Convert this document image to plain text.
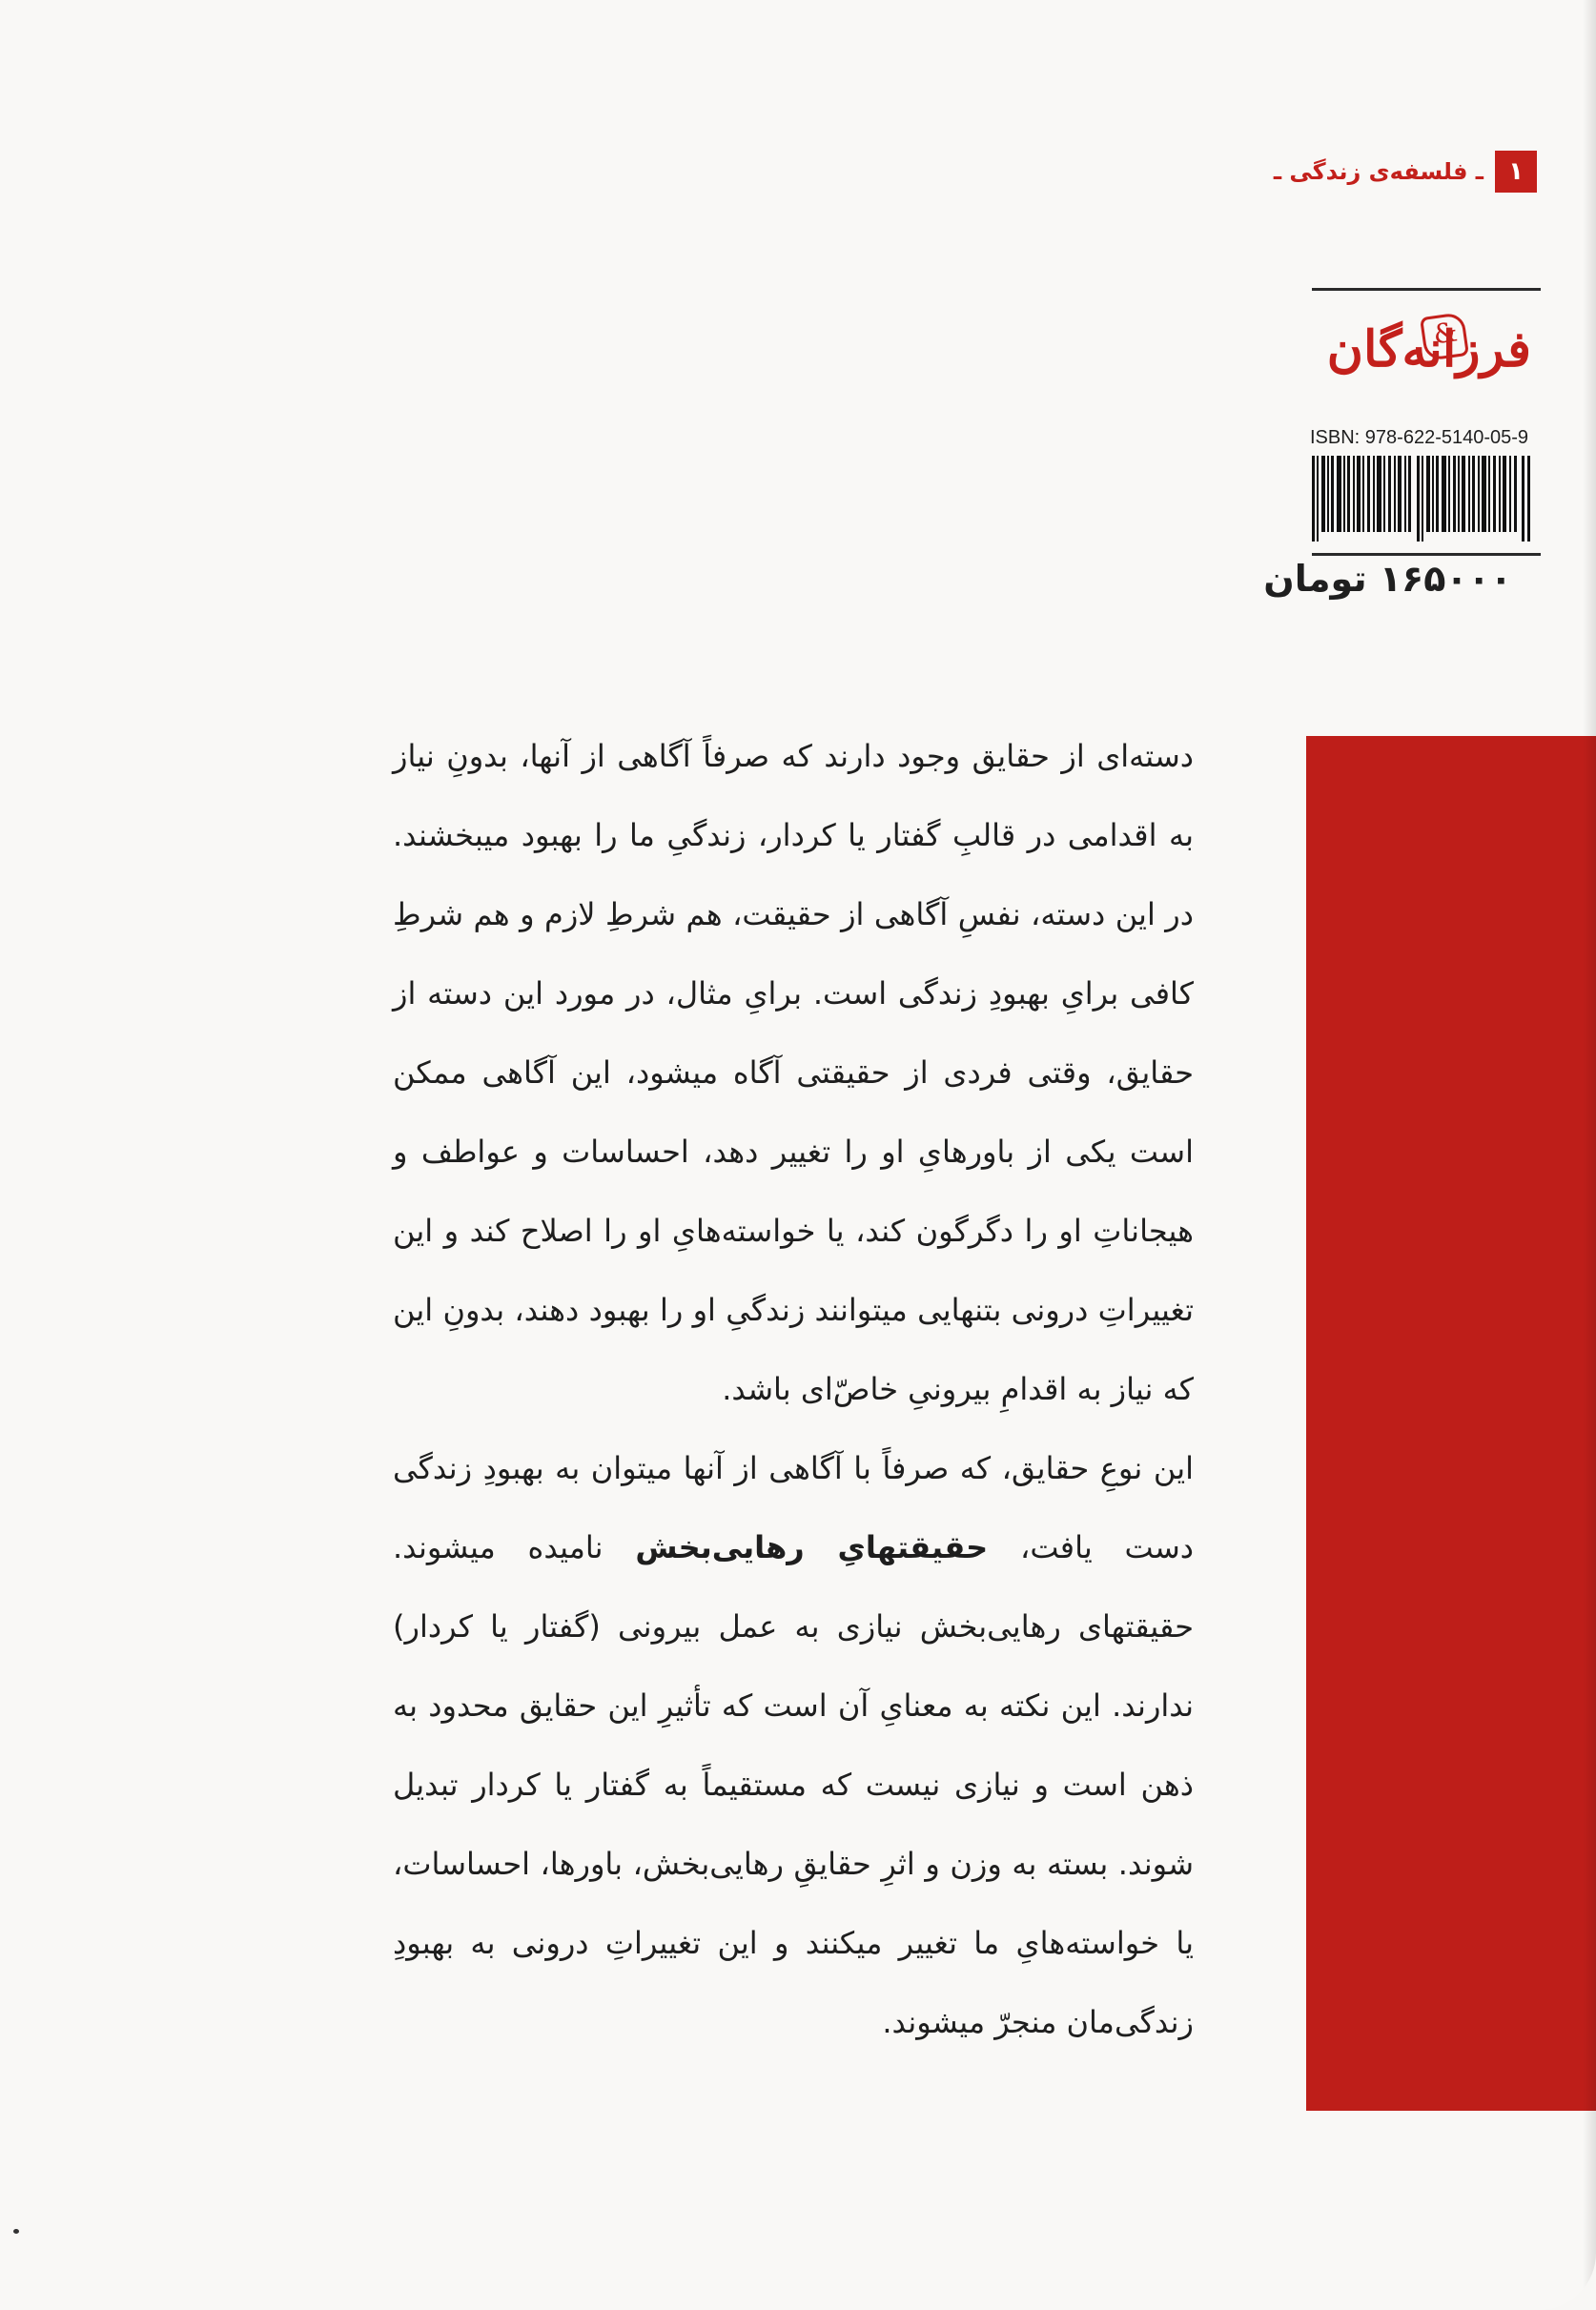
۱
ـ فلسفه‌ی زندگی ـ
فرزانه‌گان
&
ISBN: 978-622-5140-05-9
۱۶۵۰۰۰ تومان

دسته‌ای از حقایق وجود دارند که صرفاً آگاهی از آنها، بدونِ نیاز به اقدامی در قالبِ گفتار یا کردار، زندگیِ ما را بهبود میبخشند. در این دسته، نفسِ آگاهی از حقیقت، هم شرطِ لازم و هم شرطِ کافی برایِ بهبودِ زندگی است. برایِ مثال، در مورد این دسته از حقایق، وقتی فردی از حقیقتی آگاه میشود، این آگاهی ممکن است یکی از باورهایِ او را تغییر دهد، احساسات و عواطف و هیجاناتِ او را دگرگون کند، یا خواسته‌هایِ او را اصلاح کند و این تغییراتِ درونی بتنهایی میتوانند زندگیِ او را بهبود دهند، بدونِ این که نیاز به اقدامِ بیرونیِ خاصّ‌ای باشد.

این نوعِ حقایق، که صرفاً با آگاهی از آنها میتوان به بهبودِ زندگی دست یافت، حقیقتهایِ رهایی‌بخش نامیده میشوند. حقیقتهای رهایی‌بخش نیازی به عمل بیرونی (گفتار یا کردار) ندارند. این نکته به معنایِ آن است که تأثیرِ این حقایق محدود به ذهن است و نیازی نیست که مستقیماً به گفتار یا کردار تبدیل شوند. بسته به وزن و اثرِ حقایقِ رهایی‌بخش، باورها، احساسات، یا خواسته‌هایِ ما تغییر میکنند و این تغییراتِ درونی به بهبودِ زندگی‌مان منجرّ میشوند.
